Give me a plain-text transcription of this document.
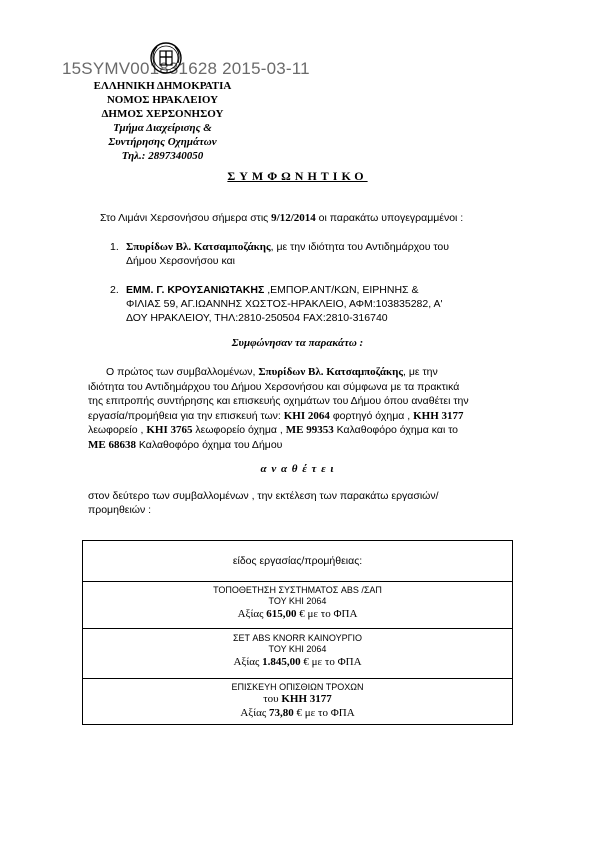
15SYMV001831628 2015-03-11
ΕΛΛΗΝΙΚΗ ΔΗΜΟΚΡΑΤΙΑ
ΝΟΜΟΣ ΗΡΑΚΛΕΙΟΥ
ΔΗΜΟΣ ΧΕΡΣΟΝΗΣΟΥ
Τμήμα Διαχείρισης &
Συντήρησης Οχημάτων
Τηλ.: 2897340050
ΣΥΜΦΩΝΗΤΙΚΟ
Στο Λιμάνι Χερσονήσου σήμερα στις 9/12/2014 οι παρακάτω υπογεγραμμένοι :
1. Σπυρίδων Βλ. Κατσαμποζάκης, με την ιδιότητα του Αντιδημάρχου του
Δήμου Χερσονήσου και
2. ΕΜΜ. Γ. ΚΡΟΥΣΑΝΙΩΤΑΚΗΣ ,ΕΜΠΟΡ.ΑΝΤ/ΚΩΝ, ΕΙΡΗΝΗΣ &
ΦΙΛΙΑΣ 59, ΑΓ.ΙΩΑΝΝΗΣ ΧΩΣΤΟΣ-ΗΡΑΚΛΕΙΟ, ΑΦΜ:103835282, Α'
ΔΟΥ ΗΡΑΚΛΕΙΟΥ, ΤΗΛ:2810-250504 FAX:2810-316740
Συμφώνησαν τα παρακάτω :
Ο πρώτος των συμβαλλομένων, Σπυρίδων Βλ. Κατσαμποζάκης, με την
ιδιότητα του Αντιδημάρχου του Δήμου Χερσονήσου και σύμφωνα με τα πρακτικά
της επιτροπής συντήρησης και επισκευής οχημάτων του Δήμου όπου αναθέτει την
εργασία/προμήθεια για την επισκευή των: ΚΗΙ 2064 φορτηγό όχημα , ΚΗΗ 3177
λεωφορείο , ΚΗΙ 3765 λεωφορείο όχημα , ΜΕ 99353 Καλαθοφόρο όχημα και το
ΜΕ 68638 Καλαθοφόρο όχημα του Δήμου
α ν α θ έ τ ε ι
στον δεύτερο των συμβαλλομένων , την εκτέλεση των παρακάτω εργασιών/
προμηθειών :
είδος εργασίας/προμήθειας:
ΤΟΠΟΘΕΤΗΣΗ ΣΥΣΤΗΜΑΤΟΣ ABS /ΣΑΠ
ΤΟΥ ΚΗΙ 2064
Αξίας 615,00 € με το ΦΠΑ
ΣΕΤ ABS KNORR ΚΑΙΝΟΥΡΓΙΟ
ΤΟΥ ΚΗΙ 2064
Αξίας 1.845,00 € με το ΦΠΑ
ΕΠΙΣΚΕΥΗ ΟΠΙΣΘΙΩΝ ΤΡΟΧΩΝ
του ΚΗΗ 3177
Αξίας 73,80 € με το ΦΠΑ
